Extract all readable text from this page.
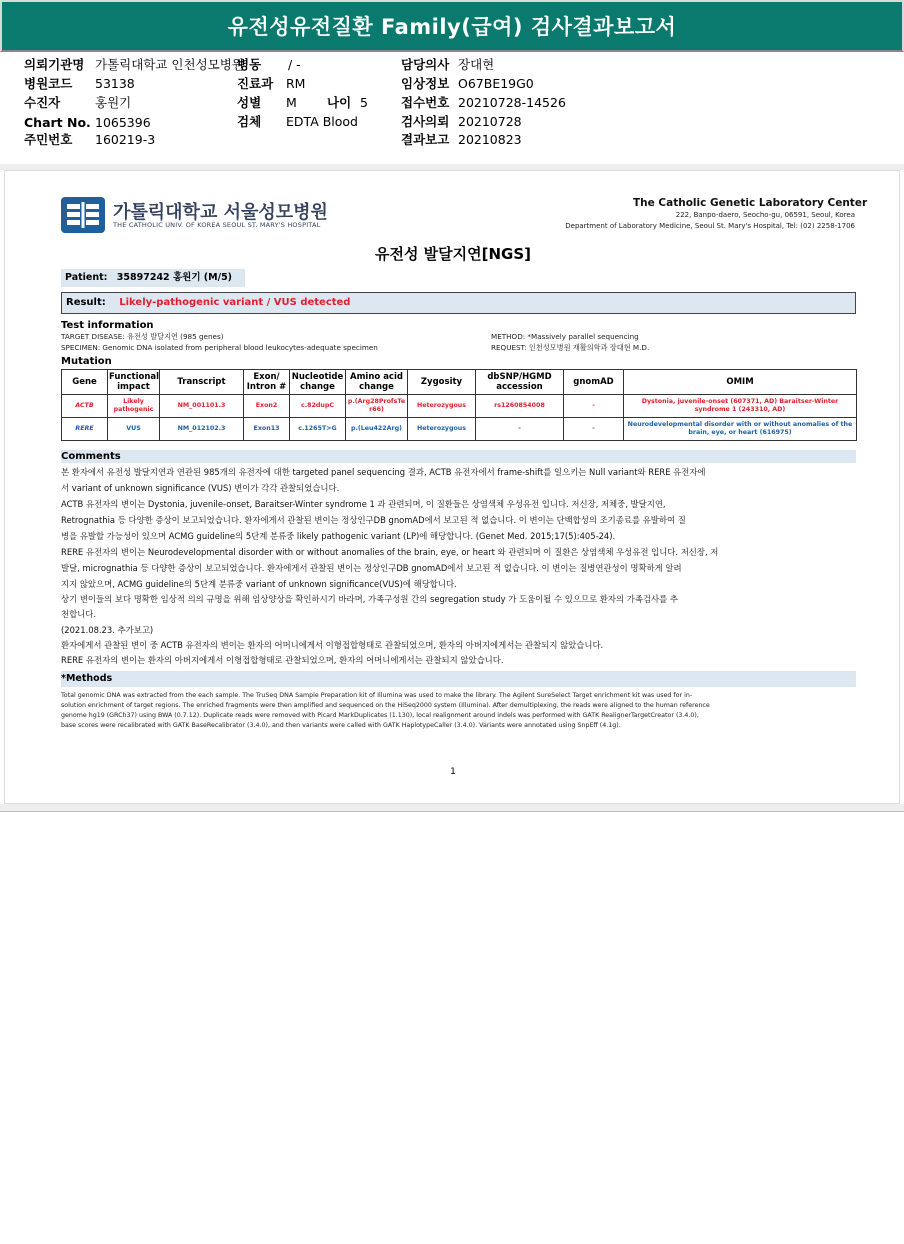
유전성유전질환 Family(급여) 검사결과보고서
의뢰기관명 가톨릭대학교 인천성모병원
병원코드 53138
수진자	홍원기
Chart No. 1065396
주민번호 160219-3
병동 / -
진료과 RM
성별 M 나이 5
검체 EDTA Blood
담당의사 장대현
임상정보 O67BE19G0
접수번호 20210728-14526
검사의뢰 20210728
결과보고 20210823
가톨릭대학교 서울성모병원
THE CATHOLIC UNIV. OF KOREA SEOUL ST. MARY'S HOSPITAL
The Catholic Genetic Laboratory Center
222, Banpo-daero, Seocho-gu, 06591, Seoul, Korea
Department of Laboratory Medicine, Seoul St. Mary's Hospital, Tel: (02) 2258-1706
유전성 발달지연[NGS]
Patient: 35897242 홍원기 (M/5)
Result: Likely-pathogenic variant / VUS detected
Test information
TARGET DISEASE: 유전성 발달지연 (985 genes)
SPECIMEN: Genomic DNA isolated from peripheral blood leukocytes-adequate specimen
METHOD: *Massively parallel sequencing
REQUEST: 인천성모병원 재활의학과 장대현 M.D.
Mutation
Gene	Functional impact	Transcript	Exon/ Intron #	Nucleotide change	Amino acid change	Zygosity	dbSNP/HGMD accession	gnomAD	OMIM
ACTB	Likely pathogenic	NM_001101.3	Exon2	c.82dupC	p.(Arg28ProfsTer66)	Heterozygous	rs1260854008	-	Dystonia, juvenile-onset (607371, AD) Baraitser-Winter syndrome 1 (243310, AD)
RERE	VUS	NM_012102.3	Exon13	c.1265T>G	p.(Leu422Arg)	Heterozygous	-	-	Neurodevelopmental disorder with or without anomalies of the brain, eye, or heart (616975)
Comments
본 환자에서 유전성 발달지연과 연관된 985개의 유전자에 대한 targeted panel sequencing 결과, ACTB 유전자에서 frame-shift를 일으키는 Null variant와 RERE 유전자에
서 variant of unknown significance (VUS) 변이가 각각 관찰되었습니다.
ACTB 유전자의 변이는 Dystonia, juvenile-onset, Baraitser-Winter syndrome 1 과 관련되며, 이 질환들은 상염색체 우성유전 입니다. 저신장, 저체중, 발달지연,
Retrognathia 등 다양한 증상이 보고되었습니다. 환자에게서 관찰된 변이는 정상인구DB gnomAD에서 보고된 적 없습니다. 이 변이는 단백합성의 조기종료를 유발하여 질
병을 유발할 가능성이 있으며 ACMG guideline의 5단계 분류중 likely pathogenic variant (LP)에 해당합니다. (Genet Med. 2015;17(5):405-24).
RERE 유전자의 변이는 Neurodevelopmental disorder with or without anomalies of the brain, eye, or heart 와 관련되며 이 질환은 상염색체 우성유전 입니다. 저신장, 저
발달, micrognathia 등 다양한 증상이 보고되었습니다. 환자에게서 관찰된 변이는 정상인구DB gnomAD에서 보고된 적 없습니다. 이 변이는 질병연관성이 명확하게 알려
지지 않았으며, ACMG guideline의 5단계 분류중 variant of unknown significance(VUS)에 해당합니다.
상기 변이들의 보다 명확한 임상적 의의 규명을 위해 임상양상을 확인하시기 바라며, 가족구성원 간의 segregation study 가 도움이될 수 있으므로 환자의 가족검사를 추
천합니다.
(2021.08.23. 추가보고)
환자에게서 관찰된 변이 중 ACTB 유전자의 변이는 환자의 어머니에게서 이형접합형태로 관찰되었으며, 환자의 아버지에게서는 관찰되지 않았습니다.
RERE 유전자의 변이는 환자의 아버지에게서 이형접합형태로 관찰되었으며, 환자의 어머니에게서는 관찰되지 않았습니다.
*Methods
Total genomic DNA was extracted from the each sample. The TruSeq DNA Sample Preparation kit of Illumina was used to make the library. The Agilent SureSelect Target enrichment kit was used for in-
solution enrichment of target regions. The enriched fragments were then amplified and sequenced on the HiSeq2000 system (Illumina). After demultiplexing, the reads were aligned to the human reference
genome hg19 (GRCh37) using BWA (0.7.12). Duplicate reads were removed with Picard MarkDuplicates (1.130), local realignment around indels was performed with GATK RealignerTargetCreator (3.4.0),
base scores were recalibrated with GATK BaseRecalibrator (3.4.0), and then variants were called with GATK HaplotypeCaller (3.4.0). Variants were annotated using SnpEff (4.1g).
1
